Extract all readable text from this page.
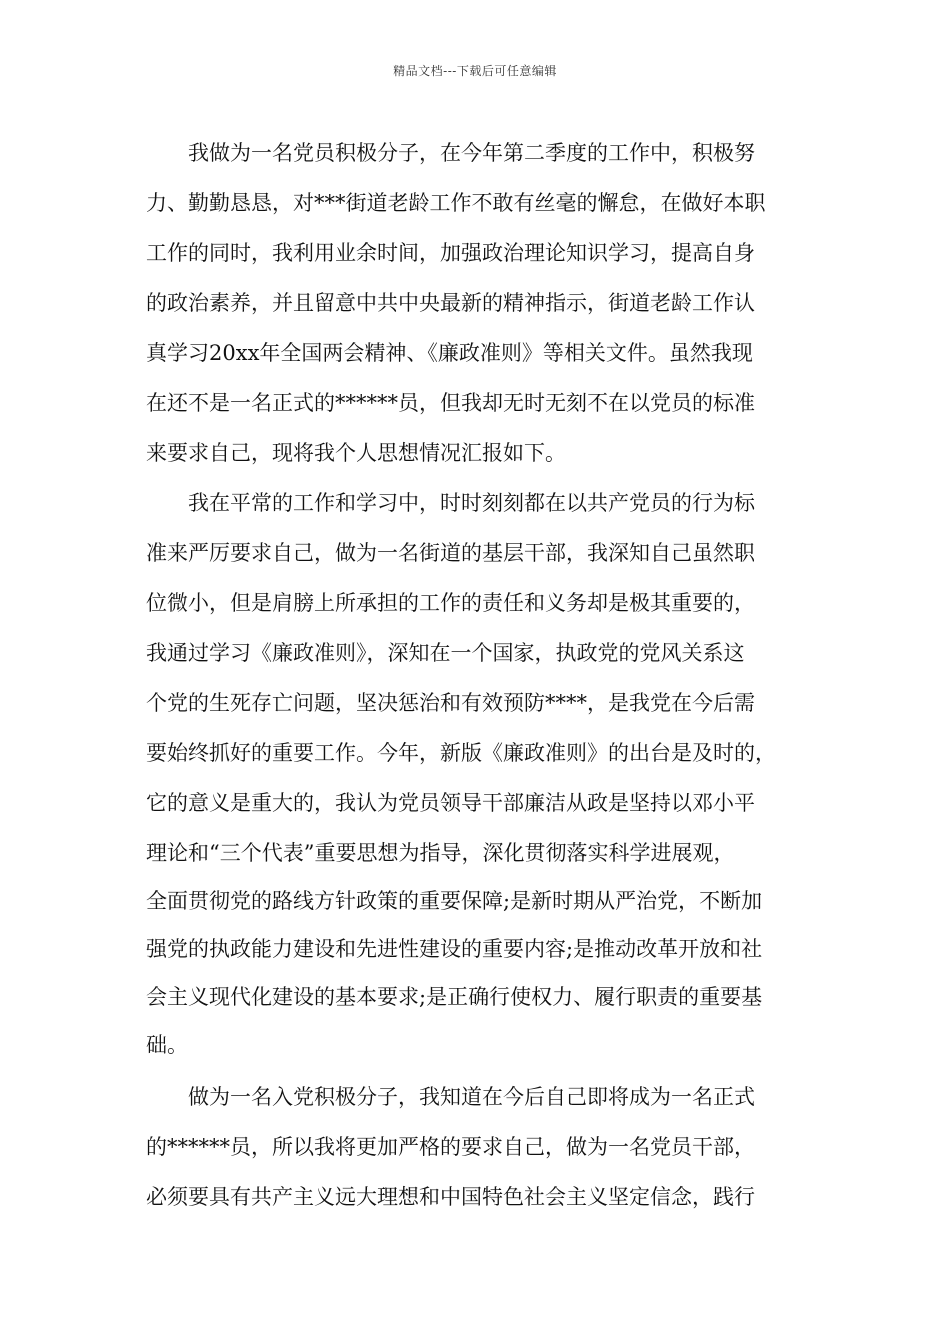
精品文档---下载后可任意编辑
我做为一名党员积极分子，在今年第二季度的工作中，积极努
力、勤勤恳恳，对***街道老龄工作不敢有丝毫的懈怠，在做好本职
工作的同时，我利用业余时间，加强政治理论知识学习，提高自身
的政治素养，并且留意中共中央最新的精神指示，街道老龄工作认
真学习20xx年全国两会精神、《廉政准则》等相关文件。虽然我现
在还不是一名正式的******员，但我却无时无刻不在以党员的标准
来要求自己，现将我个人思想情况汇报如下。
我在平常的工作和学习中，时时刻刻都在以共产党员的行为标
准来严厉要求自己，做为一名街道的基层干部，我深知自己虽然职
位微小，但是肩膀上所承担的工作的责任和义务却是极其重要的，
我通过学习《廉政准则》，深知在一个国家，执政党的党风关系这
个党的生死存亡问题，坚决惩治和有效预防****，是我党在今后需
要始终抓好的重要工作。今年，新版《廉政准则》的出台是及时的，
它的意义是重大的，我认为党员领导干部廉洁从政是坚持以邓小平
理论和“三个代表”重要思想为指导，深化贯彻落实科学进展观，
全面贯彻党的路线方针政策的重要保障;是新时期从严治党，不断加
强党的执政能力建设和先进性建设的重要内容;是推动改革开放和社
会主义现代化建设的基本要求;是正确行使权力、履行职责的重要基
础。
做为一名入党积极分子，我知道在今后自己即将成为一名正式
的******员，所以我将更加严格的要求自己，做为一名党员干部，
必须要具有共产主义远大理想和中国特色社会主义坚定信念，践行
